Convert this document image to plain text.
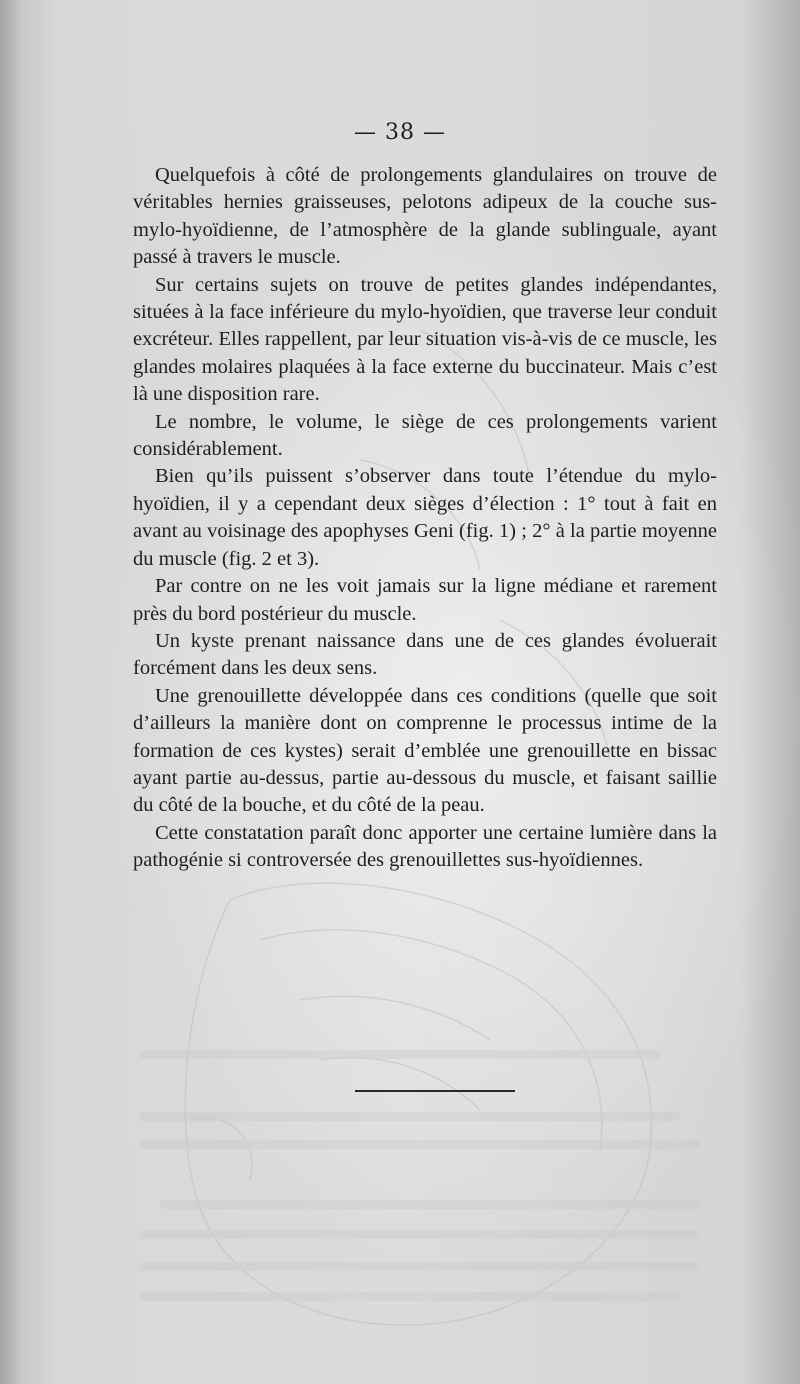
— 38 —

Quelquefois à côté de prolongements glandulaires on trouve de véritables hernies graisseuses, pelotons adipeux de la couche sus-mylo-hyoïdienne, de l’atmosphère de la glande sublinguale, ayant passé à travers le muscle.

Sur certains sujets on trouve de petites glandes indépendantes, situées à la face inférieure du mylo-hyoïdien, que traverse leur conduit excréteur. Elles rappellent, par leur situation vis-à-vis de ce muscle, les glandes molaires plaquées à la face externe du buccinateur. Mais c’est là une disposition rare.

Le nombre, le volume, le siège de ces prolongements varient considérablement.

Bien qu’ils puissent s’observer dans toute l’étendue du mylo-hyoïdien, il y a cependant deux sièges d’élection : 1° tout à fait en avant au voisinage des apophyses Geni (fig. 1) ; 2° à la partie moyenne du muscle (fig. 2 et 3).

Par contre on ne les voit jamais sur la ligne médiane et rarement près du bord postérieur du muscle.

Un kyste prenant naissance dans une de ces glandes évoluerait forcément dans les deux sens.

Une grenouillette développée dans ces conditions (quelle que soit d’ailleurs la manière dont on comprenne le processus intime de la formation de ces kystes) serait d’emblée une grenouillette en bissac ayant partie au-dessus, partie au-dessous du muscle, et faisant saillie du côté de la bouche, et du côté de la peau.

Cette constatation paraît donc apporter une certaine lumière dans la pathogénie si controversée des grenouillettes sus-hyoïdiennes.
